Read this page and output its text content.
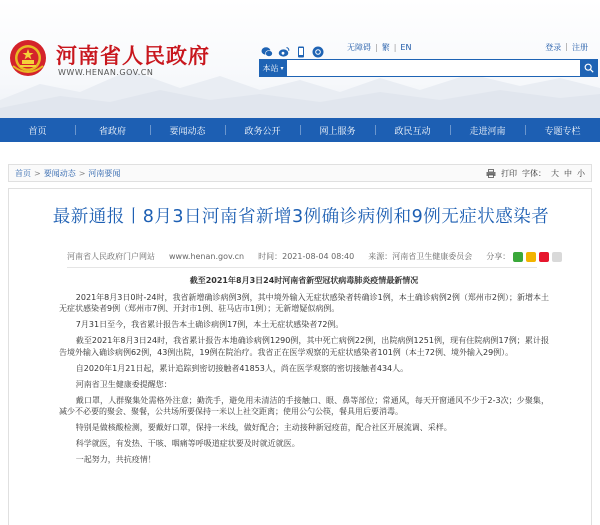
河南省人民政府
WWW.HENAN.GOV.CN
无障碍 | 繁 | EN	登录 | 注册
本站 ▾
首页	省政府	要闻动态	政务公开	网上服务	政民互动	走进河南	专题专栏
首页 > 要闻动态 > 河南要闻	打印 字体： 大 中 小
最新通报丨8月3日河南省新增3例确诊病例和9例无症状感染者
河南省人民政府门户网站 www.henan.gov.cn 时间：2021-08-04 08:40 来源：河南省卫生健康委员会 分享：
截至2021年8月3日24时河南省新型冠状病毒肺炎疫情最新情况

2021年8月3日0时-24时，我省新增确诊病例3例，其中境外输入无症状感染者转确诊1例，本土确诊病例2例（郑州市2例）；新增本土无症状感染者9例（郑州市7例、开封市1例、驻马店市1例）；无新增疑似病例。

7月31日至今，我省累计报告本土确诊病例17例，本土无症状感染者72例。

截至2021年8月3日24时，我省累计报告本地确诊病例1290例，其中死亡病例22例，出院病例1251例，现有住院病例17例；累计报告境外输入确诊病例62例，43例出院，19例在院治疗。我省正在医学观察的无症状感染者101例（本土72例、境外输入29例）。

自2020年1月21日起，累计追踪到密切接触者41853人，尚在医学观察的密切接触者434人。

河南省卫生健康委提醒您：

戴口罩，人群聚集处需格外注意；勤洗手，避免用未清洁的手接触口、眼、鼻等部位；常通风，每天开窗通风不少于2-3次；少聚集，减少不必要的聚会、聚餐，公共场所要保持一米以上社交距离；使用公勺公筷，餐具用后要消毒。

特别是做核酸检测，要戴好口罩，保持一米线，做好配合；主动接种新冠疫苗，配合社区开展流调、采样。

科学就医，有发热、干咳、咽痛等呼吸道症状要及时就近就医。

一起努力，共抗疫情！
